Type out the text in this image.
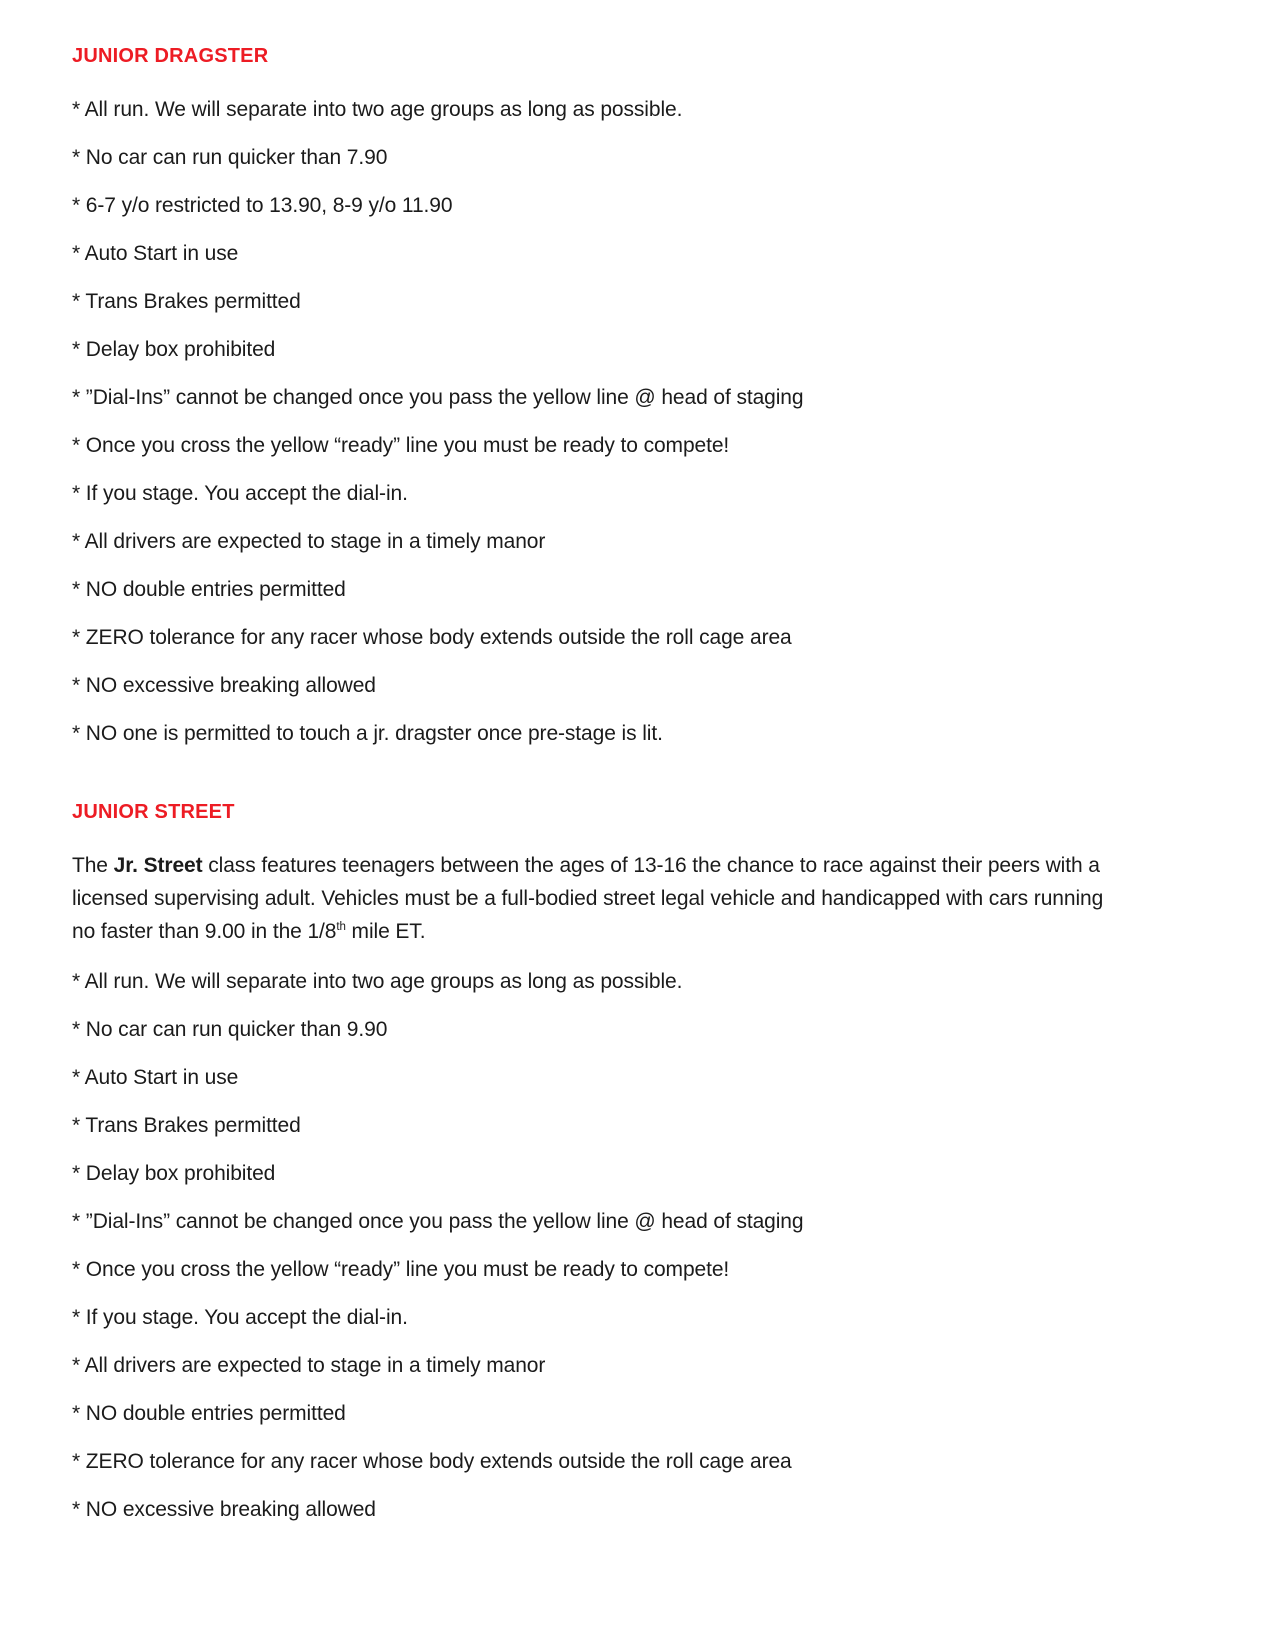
JUNIOR DRAGSTER

* All run. We will separate into two age groups as long as possible.

* No car can run quicker than 7.90

* 6-7 y/o restricted to 13.90, 8-9 y/o 11.90

* Auto Start in use

* Trans Brakes permitted

* Delay box prohibited

* ”Dial-Ins” cannot be changed once you pass the yellow line @ head of staging

* Once you cross the yellow “ready” line you must be ready to compete!

* If you stage. You accept the dial-in.

* All drivers are expected to stage in a timely manor

* NO double entries permitted

* ZERO tolerance for any racer whose body extends outside the roll cage area

* NO excessive breaking allowed

* NO one is permitted to touch a jr. dragster once pre-stage is lit.

JUNIOR STREET

The Jr. Street class features teenagers between the ages of 13-16 the chance to race against their peers with a licensed supervising adult. Vehicles must be a full-bodied street legal vehicle and handicapped with cars running no faster than 9.00 in the 1/8th mile ET.

* All run. We will separate into two age groups as long as possible.

* No car can run quicker than 9.90

* Auto Start in use

* Trans Brakes permitted

* Delay box prohibited

* ”Dial-Ins” cannot be changed once you pass the yellow line @ head of staging

* Once you cross the yellow “ready” line you must be ready to compete!

* If you stage. You accept the dial-in.

* All drivers are expected to stage in a timely manor

* NO double entries permitted

* ZERO tolerance for any racer whose body extends outside the roll cage area

* NO excessive breaking allowed
